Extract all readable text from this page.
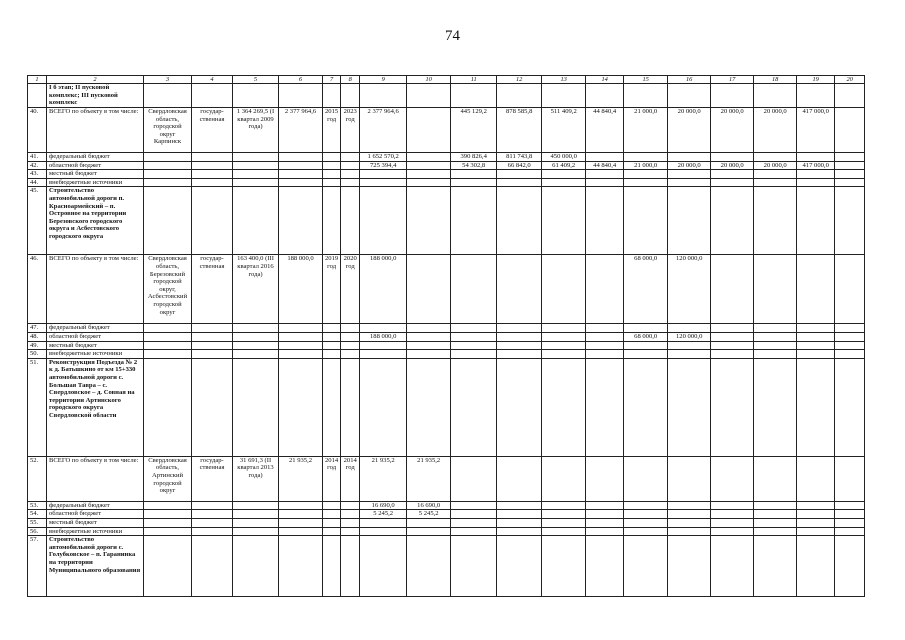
74
1	2	3	4	5	6	7	8	9	10	11	12	13	14	15	16	17	18	19	20
	I б этап; II пусковой комплекс; III пусковой комплекс																		
40.	ВСЕГО по объекту в том числе:	Свердловская область, городской округ Карпинск	государ-ственная	1 364 269,5 (I квартал 2009 года)	2 377 964,6	2015 год	2023 год	2 377 964,6		445 129,2	878 585,8	511 409,2	44 840,4	21 000,0	20 000,0	20 000,0	20 000,0	417 000,0	
41.	федеральный бюджет							1 652 570,2		390 826,4	811 743,8	450 000,0							
42.	областной бюджет							725 394,4		54 302,8	66 842,0	61 409,2	44 840,4	21 000,0	20 000,0	20 000,0	20 000,0	417 000,0	
43.	местный бюджет																		
44.	внебюджетные источники																		
45.	Строительство автомобильной дороги п. Красноармейский – п. Островное на территории Березовского городского округа и Асбестовского городского округа																		
46.	ВСЕГО по объекту в том числе:	Свердловская область, Березовский городской округ, Асбестовский городской округ	государ-ственная	163 400,0 (III квартал 2016 года)	188 000,0	2019 год	2020 год	188 000,0						68 000,0	120 000,0				
47.	федеральный бюджет																		
48.	областной бюджет							188 000,0						68 000,0	120 000,0				
49.	местный бюджет																		
50.	внебюджетные источники																		
51.	Реконструкция Подъезда № 2 к д. Батьшкино от км 15+330 автомобильной дороги с. Большая Тавра – с. Свердловское – д. Совная на территории Артинского городского округа Свердловской области																		
52.	ВСЕГО по объекту в том числе:	Свердловская область, Артинский городской округ	государ-ственная	31 691,3 (II квартал 2013 года)	21 935,2	2014 год	2014 год	21 935,2	21 935,2										
53.	федеральный бюджет							16 690,0	16 690,0										
54.	областной бюджет							5 245,2	5 245,2										
55.	местный бюджет																		
56.	внебюджетные источники																		
57.	Строительство автомобильной дороги с. Голубковское – п. Гаранинка на территории Муниципального образования																		
